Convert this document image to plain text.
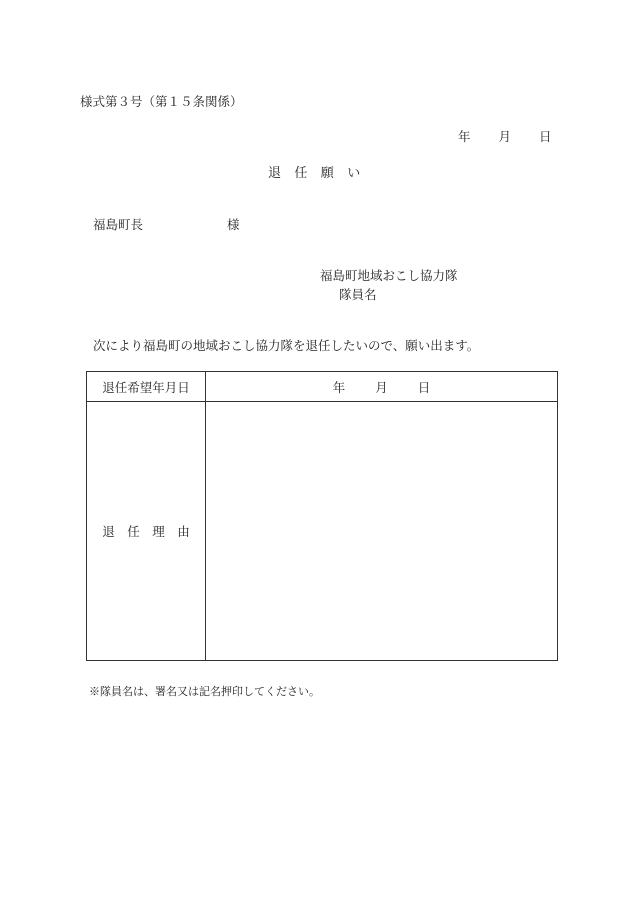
様式第３号（第１５条関係）
年 月 日
退　任　願　い
福島町長	様
福島町地域おこし協力隊
隊員名
次により福島町の地域おこし協力隊を退任したいので、願い出ます。
退任希望年月日	年 月 日
退　任　理　由	
※隊員名は、署名又は記名押印してください。
